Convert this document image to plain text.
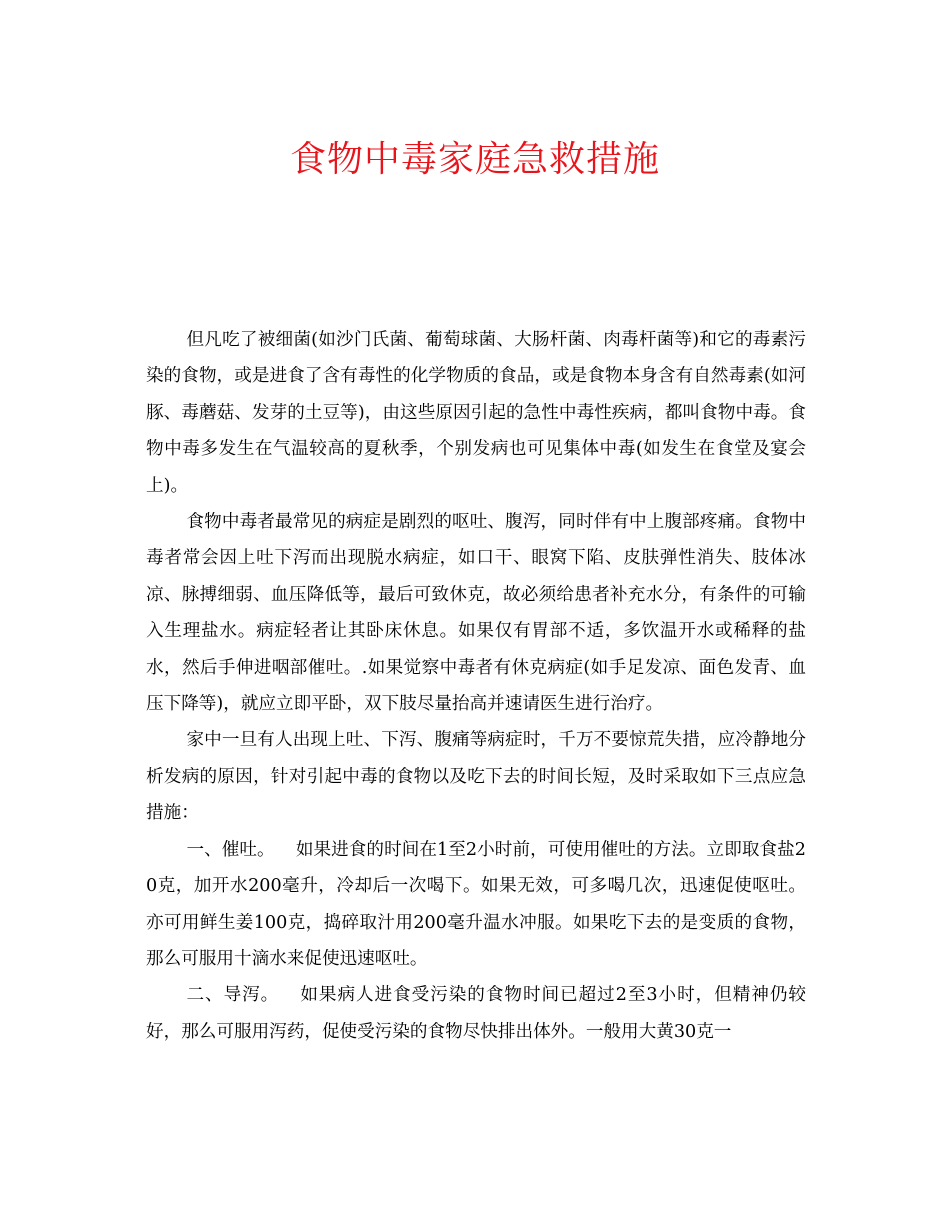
食物中毒家庭急救措施

但凡吃了被细菌(如沙门氏菌、葡萄球菌、大肠杆菌、肉毒杆菌等)和它的毒素污染的食物，或是进食了含有毒性的化学物质的食品，或是食物本身含有自然毒素(如河豚、毒蘑菇、发芽的土豆等)，由这些原因引起的急性中毒性疾病，都叫食物中毒。食物中毒多发生在气温较高的夏秋季，个别发病也可见集体中毒(如发生在食堂及宴会上)。

食物中毒者最常见的病症是剧烈的呕吐、腹泻，同时伴有中上腹部疼痛。食物中毒者常会因上吐下泻而出现脱水病症，如口干、眼窝下陷、皮肤弹性消失、肢体冰凉、脉搏细弱、血压降低等，最后可致休克，故必须给患者补充水分，有条件的可输入生理盐水。病症轻者让其卧床休息。如果仅有胃部不适，多饮温开水或稀释的盐水，然后手伸进咽部催吐。.如果觉察中毒者有休克病症(如手足发凉、面色发青、血压下降等)，就应立即平卧，双下肢尽量抬高并速请医生进行治疗。

家中一旦有人出现上吐、下泻、腹痛等病症时，千万不要惊荒失措，应冷静地分析发病的原因，针对引起中毒的食物以及吃下去的时间长短，及时采取如下三点应急措施：

一、催吐。 如果进食的时间在1至2小时前，可使用催吐的方法。立即取食盐20克，加开水200毫升，冷却后一次喝下。如果无效，可多喝几次，迅速促使呕吐。亦可用鲜生姜100克，捣碎取汁用200毫升温水冲服。如果吃下去的是变质的食物，那么可服用十滴水来促使迅速呕吐。

二、导泻。 如果病人进食受污染的食物时间已超过2至3小时，但精神仍较好，那么可服用泻药，促使受污染的食物尽快排出体外。一般用大黄30克一
